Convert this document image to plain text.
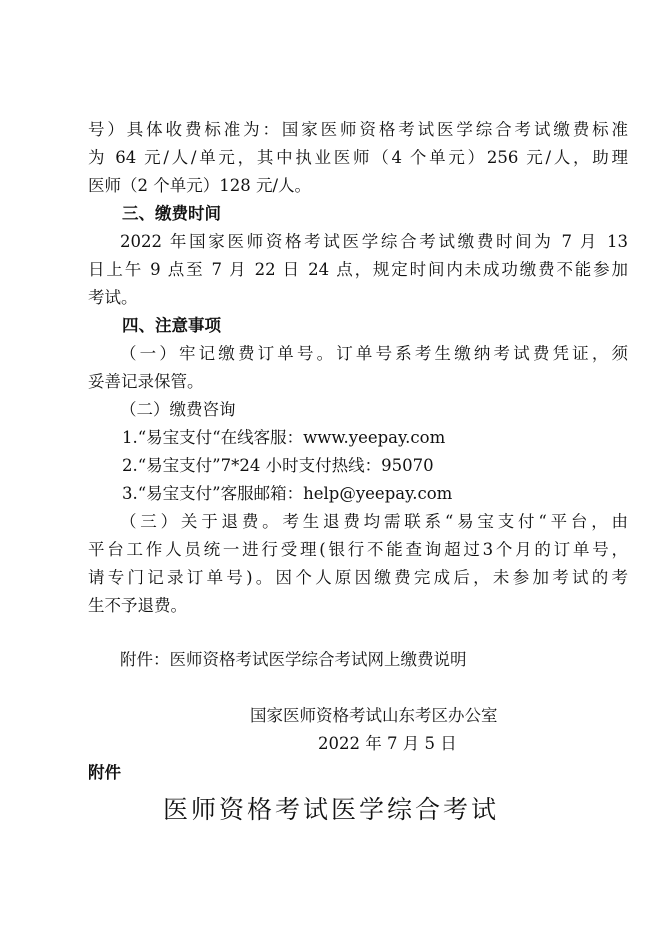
号）具体收费标准为：国家医师资格考试医学综合考试缴费标准
为 64 元/人/单元，其中执业医师（4 个单元）256 元/人，助理
医师（2 个单元）128 元/人。
三、缴费时间
2022 年国家医师资格考试医学综合考试缴费时间为 7 月 13
日上午 9 点至 7 月 22 日 24 点，规定时间内未成功缴费不能参加
考试。
四、注意事项
（一）牢记缴费订单号。订单号系考生缴纳考试费凭证，须
妥善记录保管。
（二）缴费咨询
1.“易宝支付“在线客服：www.yeepay.com
2.“易宝支付”7*24 小时支付热线：95070
3.“易宝支付”客服邮箱：help@yeepay.com
（三）关于退费。考生退费均需联系“易宝支付“平台，由
平台工作人员统一进行受理(银行不能查询超过3个月的订单号，
请专门记录订单号)。因个人原因缴费完成后，未参加考试的考
生不予退费。
附件：医师资格考试医学综合考试网上缴费说明
国家医师资格考试山东考区办公室
2022 年 7 月 5 日
附件
医师资格考试医学综合考试
